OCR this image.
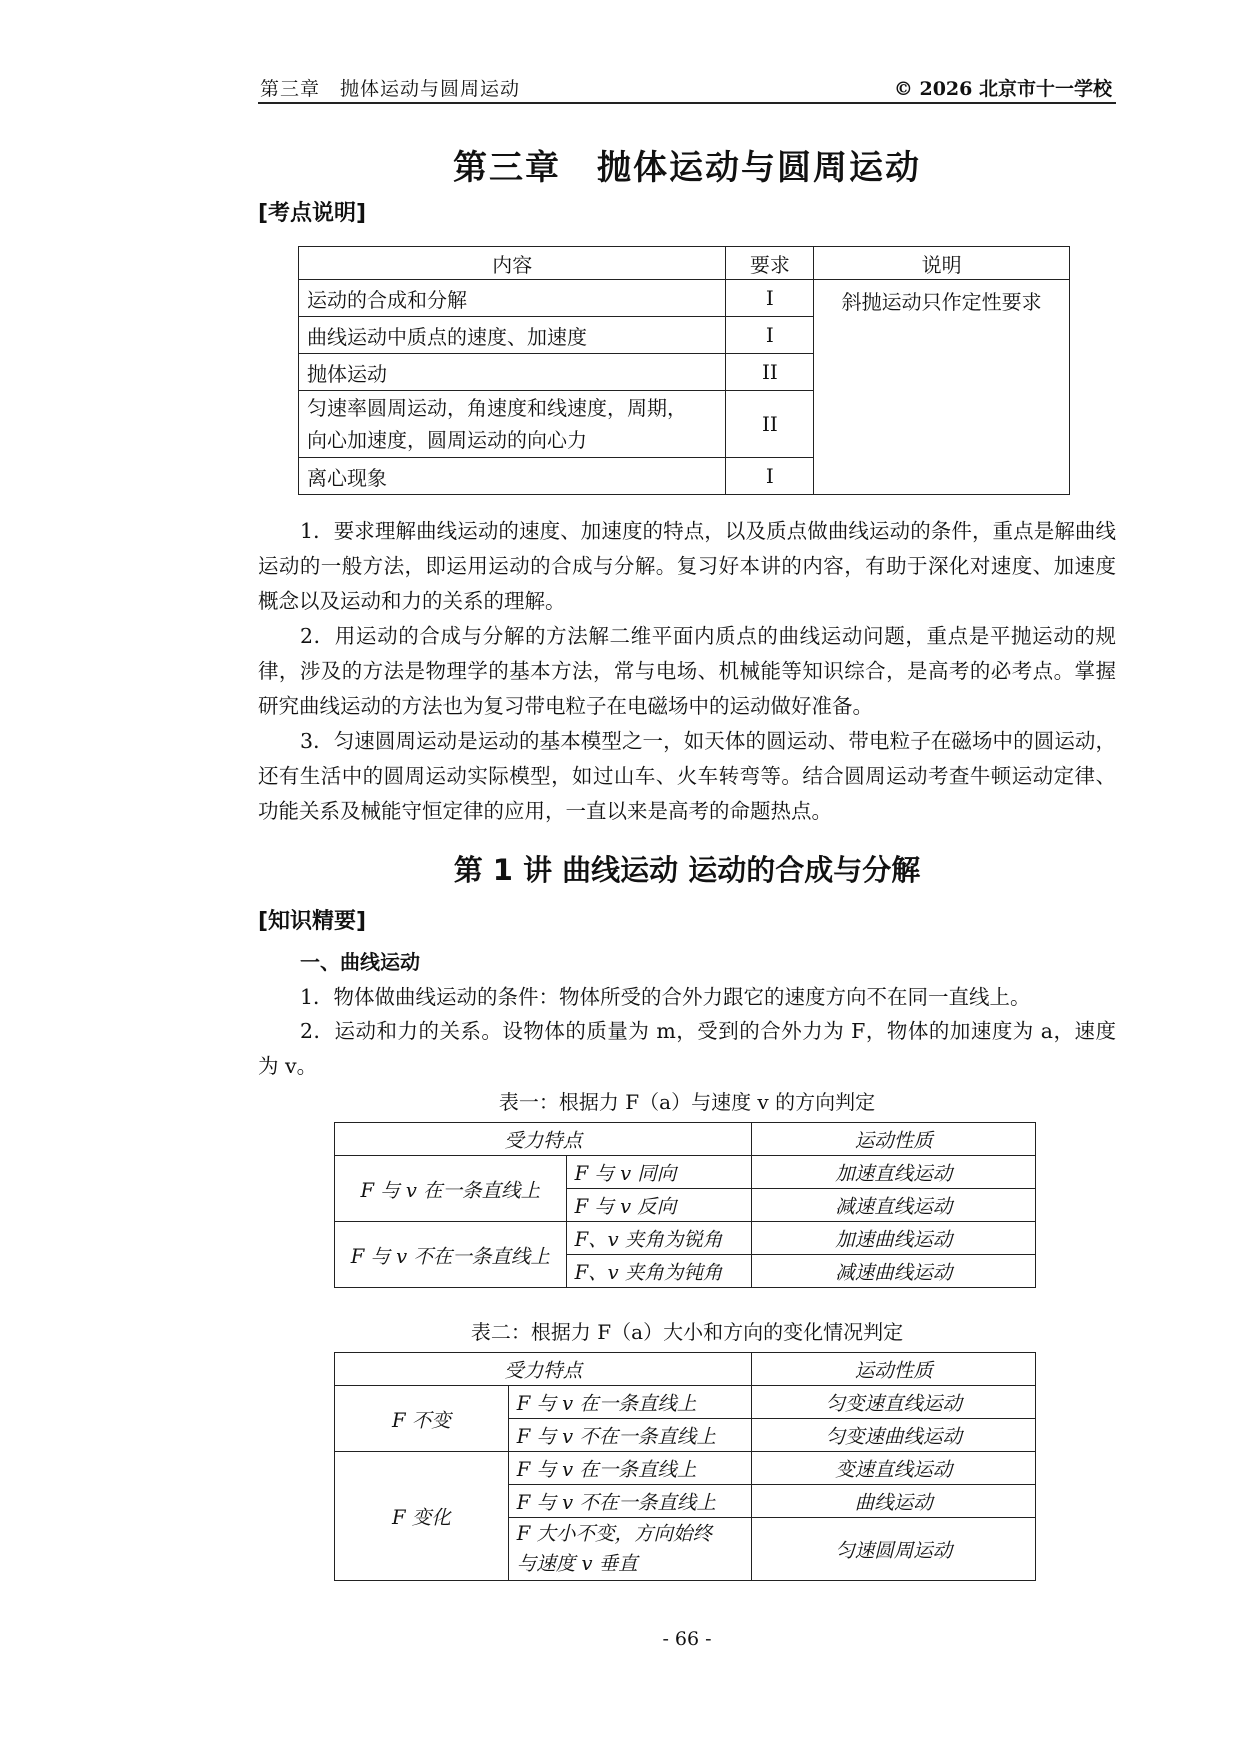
第三章　抛体运动与圆周运动	© 2026 北京市十一学校
第三章　抛体运动与圆周运动
[考点说明]
内容	要求	说明
运动的合成和分解	I	斜抛运动只作定性要求
曲线运动中质点的速度、加速度	I	
抛体运动	II	
匀速率圆周运动，角速度和线速度，周期，
向心加速度，圆周运动的向心力	II	
离心现象	I	

1．要求理解曲线运动的速度、加速度的特点，以及质点做曲线运动的条件，重点是解曲线运动的一般方法，即运用运动的合成与分解。复习好本讲的内容，有助于深化对速度、加速度概念以及运动和力的关系的理解。

2．用运动的合成与分解的方法解二维平面内质点的曲线运动问题，重点是平抛运动的规律，涉及的方法是物理学的基本方法，常与电场、机械能等知识综合，是高考的必考点。掌握研究曲线运动的方法也为复习带电粒子在电磁场中的运动做好准备。

3．匀速圆周运动是运动的基本模型之一，如天体的圆运动、带电粒子在磁场中的圆运动，还有生活中的圆周运动实际模型，如过山车、火车转弯等。结合圆周运动考查牛顿运动定律、功能关系及械能守恒定律的应用，一直以来是高考的命题热点。

第 1 讲 曲线运动 运动的合成与分解
[知识精要]
一、曲线运动

1．物体做曲线运动的条件：物体所受的合外力跟它的速度方向不在同一直线上。

2．运动和力的关系。设物体的质量为 m，受到的合外力为 F，物体的加速度为 a，速度为 v。

表一：根据力 F（a）与速度 v 的方向判定
受力特点		运动性质
F 与 v 在一条直线上	F 与 v 同向	加速直线运动
	F 与 v 反向	减速直线运动
F 与 v 不在一条直线上	F、v 夹角为锐角	加速曲线运动
	F、v 夹角为钝角	减速曲线运动
表二：根据力 F（a）大小和方向的变化情况判定
受力特点		运动性质
F 不变	F 与 v 在一条直线上	匀变速直线运动
	F 与 v 不在一条直线上	匀变速曲线运动
F 变化	F 与 v 在一条直线上	变速直线运动
	F 与 v 不在一条直线上	曲线运动
	F 大小不变，方向始终
与速度 v 垂直	匀速圆周运动
- 66 -
